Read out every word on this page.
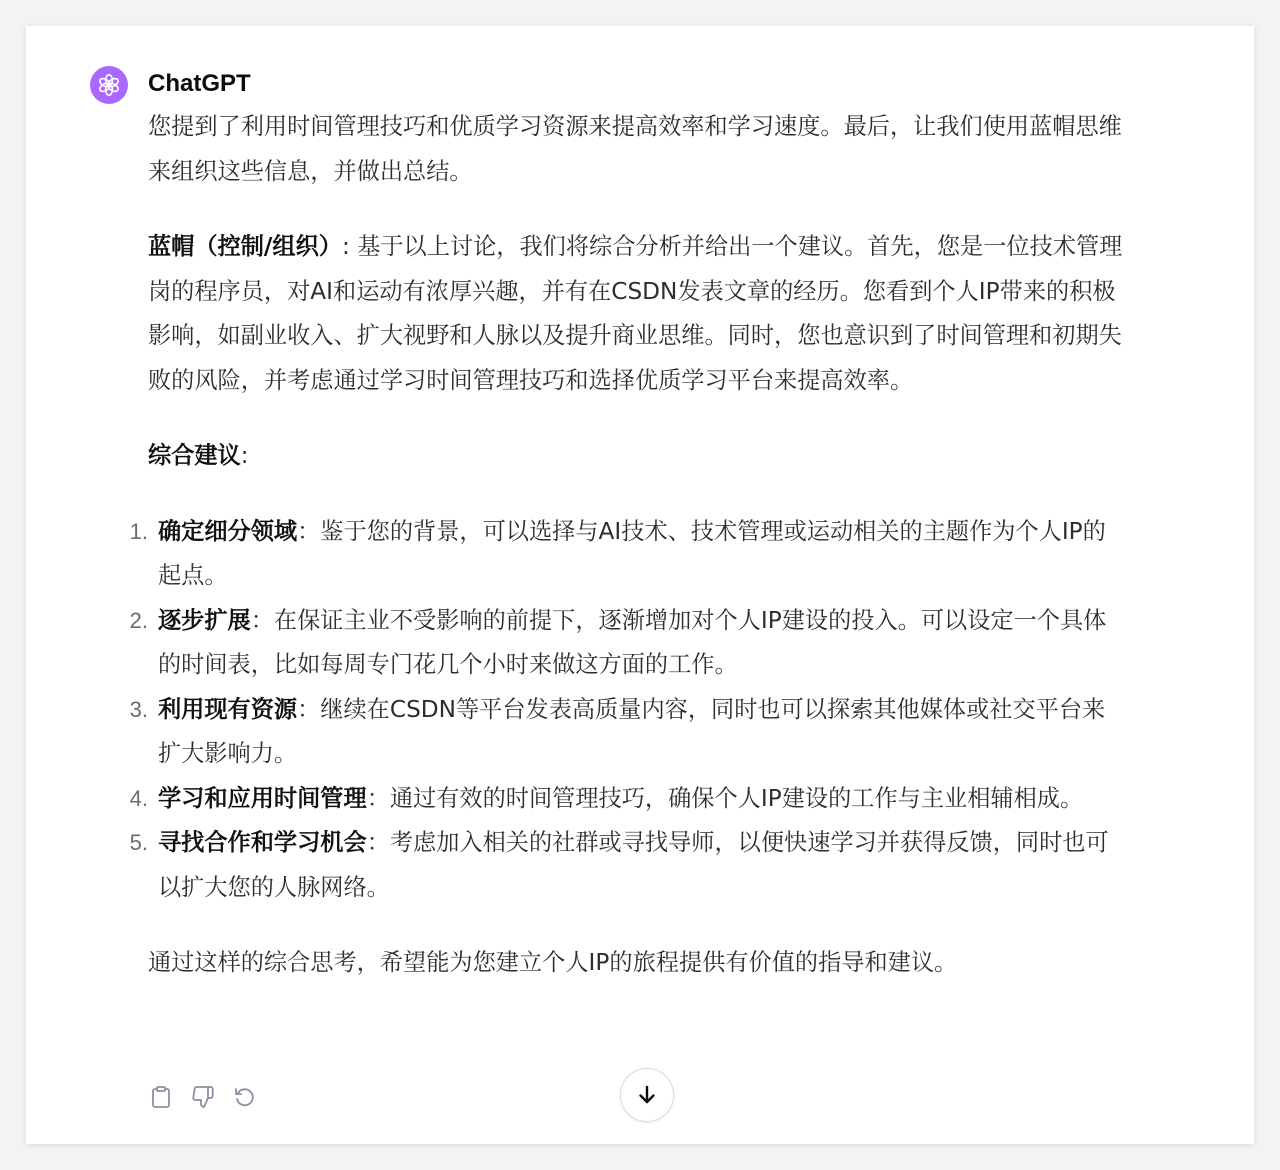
ChatGPT

您提到了利用时间管理技巧和优质学习资源来提高效率和学习速度。最后，让我们使用蓝帽思维来组织这些信息，并做出总结。

蓝帽（控制/组织）: 基于以上讨论，我们将综合分析并给出一个建议。首先，您是一位技术管理岗的程序员，对AI和运动有浓厚兴趣，并有在CSDN发表文章的经历。您看到个人IP带来的积极影响，如副业收入、扩大视野和人脉以及提升商业思维。同时，您也意识到了时间管理和初期失败的风险，并考虑通过学习时间管理技巧和选择优质学习平台来提高效率。

综合建议:

1. 确定细分领域：鉴于您的背景，可以选择与AI技术、技术管理或运动相关的主题作为个人IP的起点。
2. 逐步扩展：在保证主业不受影响的前提下，逐渐增加对个人IP建设的投入。可以设定一个具体的时间表，比如每周专门花几个小时来做这方面的工作。
3. 利用现有资源：继续在CSDN等平台发表高质量内容，同时也可以探索其他媒体或社交平台来扩大影响力。
4. 学习和应用时间管理：通过有效的时间管理技巧，确保个人IP建设的工作与主业相辅相成。
5. 寻找合作和学习机会：考虑加入相关的社群或寻找导师，以便快速学习并获得反馈，同时也可以扩大您的人脉网络。

通过这样的综合思考，希望能为您建立个人IP的旅程提供有价值的指导和建议。
